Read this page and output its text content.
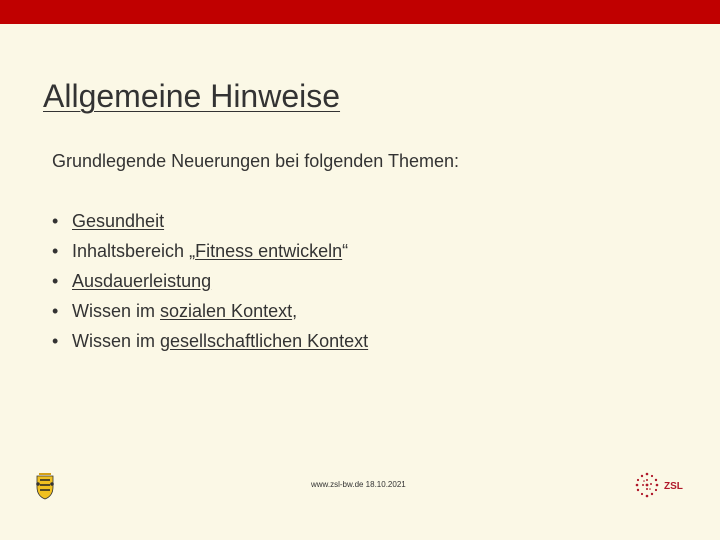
Allgemeine Hinweise

Grundlegende Neuerungen bei folgenden Themen:

• Gesundheit
• Inhaltsbereich „Fitness entwickeln“
• Ausdauerleistung
• Wissen im sozialen Kontext,
• Wissen im gesellschaftlichen Kontext
www.zsl-bw.de 18.10.2021	ZSL
